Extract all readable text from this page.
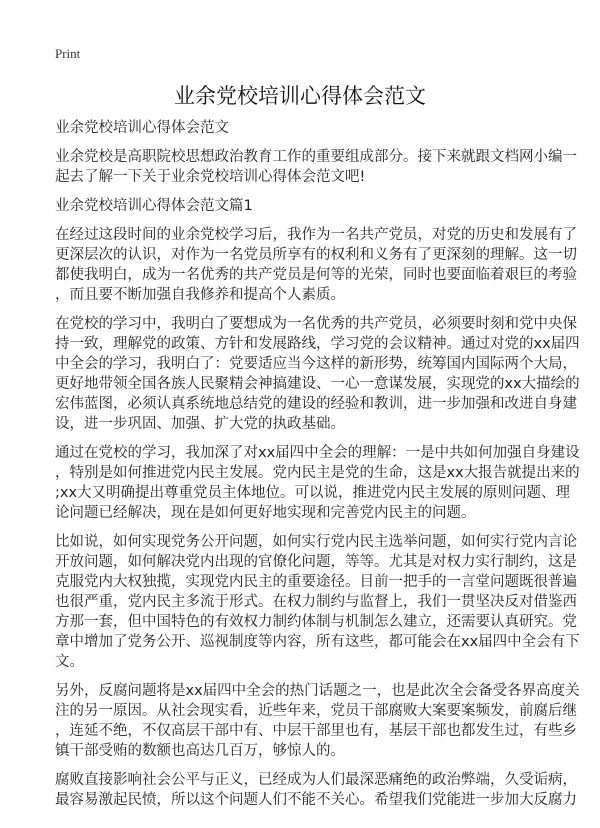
Print
业余党校培训心得体会范文
业余党校培训心得体会范文
业余党校是高职院校思想政治教育工作的重要组成部分。接下来就跟文档网小编一
起去了解一下关于业余党校培训心得体会范文吧!
业余党校培训心得体会范文篇1
在经过这段时间的业余党校学习后，我作为一名共产党员，对党的历史和发展有了
更深层次的认识，对作为一名党员所享有的权利和义务有了更深刻的理解。这一切
都使我明白，成为一名优秀的共产党员是何等的光荣，同时也要面临着艰巨的考验
，而且要不断加强自我修养和提高个人素质。
在党校的学习中，我明白了要想成为一名优秀的共产党员，必须要时刻和党中央保
持一致，理解党的政策、方针和发展路线，学习党的会议精神。通过对党的xx届四
中全会的学习，我明白了：党要适应当今这样的新形势，统筹国内国际两个大局，
更好地带领全国各族人民聚精会神搞建设、一心一意谋发展，实现党的xx大描绘的
宏伟蓝图，必须认真系统地总结党的建设的经验和教训，进一步加强和改进自身建
设，进一步巩固、加强、扩大党的执政基础。
通过在党校的学习，我加深了对xx届四中全会的理解：一是中共如何加强自身建设
，特别是如何推进党内民主发展。党内民主是党的生命，这是xx大报告就提出来的
;xx大又明确提出尊重党员主体地位。可以说，推进党内民主发展的原则问题、理
论问题已经解决，现在是如何更好地实现和完善党内民主的问题。
比如说，如何实现党务公开问题，如何实行党内民主选举问题，如何实行党内言论
开放问题，如何解决党内出现的官僚化问题，等等。尤其是对权力实行制约，这是
克服党内大权独揽，实现党内民主的重要途径。目前一把手的一言堂问题既很普遍
也很严重，党内民主多流于形式。在权力制约与监督上，我们一贯坚决反对借鉴西
方那一套，但中国特色的有效权力制约体制与机制怎么建立，还需要认真研究。党
章中增加了党务公开、巡视制度等内容，所有这些，都可能会在xx届四中全会有下
文。
另外，反腐问题将是xx届四中全会的热门话题之一，也是此次全会备受各界高度关
注的另一原因。从社会现实看，近些年来，党员干部腐败大案要案频发，前腐后继
，连延不绝，不仅高层干部中有、中层干部里也有，基层干部也都发生过，有些乡
镇干部受贿的数额也高达几百万，够惊人的。
腐败直接影响社会公平与正义，已经成为人们最深恶痛绝的政治弊端，久受诟病，
最容易激起民愤，所以这个问题人们不能不关心。希望我们党能进一步加大反腐力
